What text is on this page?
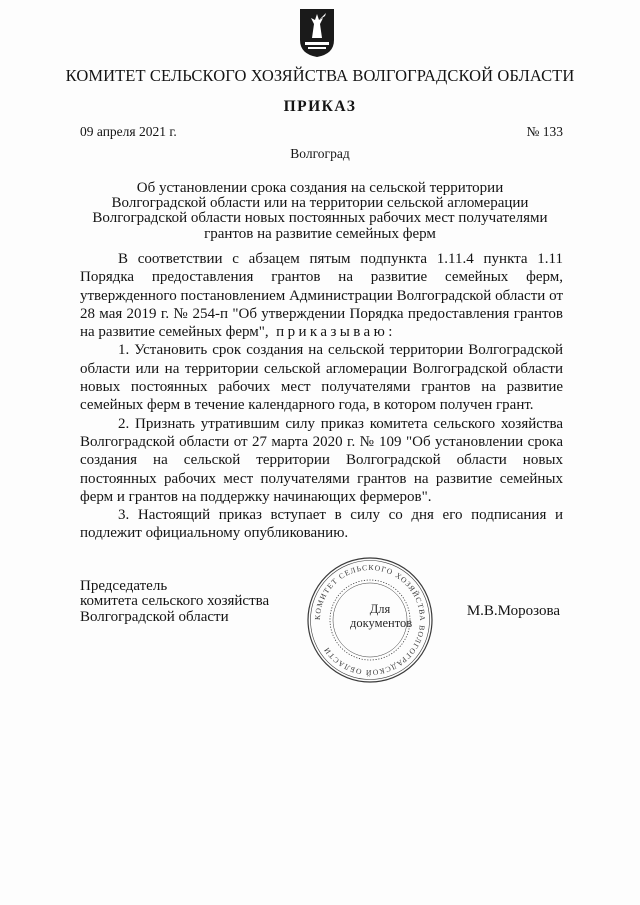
КОМИТЕТ СЕЛЬСКОГО ХОЗЯЙСТВА ВОЛГОГРАДСКОЙ ОБЛАСТИ
ПРИКАЗ
09 апреля 2021 г.	№ 133
Волгоград
Об установлении срока создания на сельской территории
Волгоградской области или на территории сельской агломерации
Волгоградской области новых постоянных рабочих мест получателями
грантов на развитие семейных ферм

В соответствии с абзацем пятым подпункта 1.11.4 пункта 1.11 Порядка предоставления грантов на развитие семейных ферм, утвержденного постановлением Администрации Волгоградской области от 28 мая 2019 г. № 254-п "Об утверждении Порядка предоставления грантов на развитие семейных ферм", приказываю:

1. Установить срок создания на сельской территории Волгоградской области или на территории сельской агломерации Волгоградской области новых постоянных рабочих мест получателями грантов на развитие семейных ферм в течение календарного года, в котором получен грант.

2. Признать утратившим силу приказ комитета сельского хозяйства Волгоградской области от 27 марта 2020 г. № 109 "Об установлении срока создания на сельской территории Волгоградской области новых постоянных рабочих мест получателями грантов на развитие семейных ферм и грантов на поддержку начинающих фермеров".

3. Настоящий приказ вступает в силу со дня его подписания и подлежит официальному опубликованию.

Председатель
комитета сельского хозяйства
Волгоградской области	КОМИТЕТ СЕЛЬСКОГО ХОЗЯЙСТВА ВОЛГОГРАДСКОЙ ОБЛАСТИ
Для
документов
М.В.Морозова
